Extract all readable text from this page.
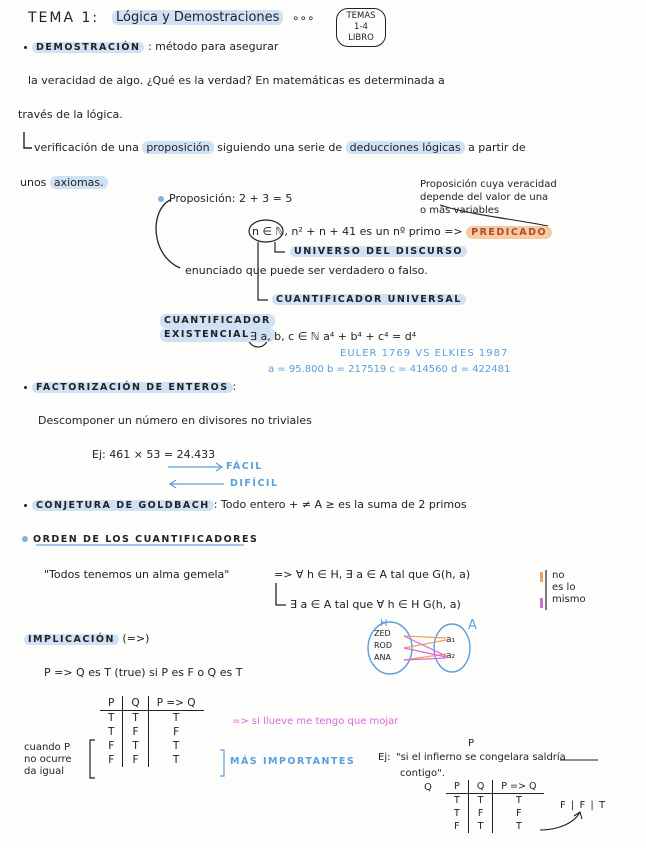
TEMA 1:	Lógica y Demostraciones	∘∘∘	TEMAS
1-4
LIBRO
DEMOSTRACIÓN : método para asegurar
la veracidad de algo. ¿Qué es la verdad? En matemáticas es determinada a
través de la lógica.
verificación de una proposición siguiendo una serie de deducciones lógicas a partir de
unos axiomas.
Proposición: 2 + 3 = 5
Proposición cuya veracidad
depende del valor de una
o más variables
n ∈ ℕ, n² + n + 41 es un nº primo => PREDICADO
UNIVERSO DEL DISCURSO
enunciado que puede ser verdadero o falso.
CUANTIFICADOR UNIVERSAL
CUANTIFICADOR
EXISTENCIAL ∃ a, b, c ∈ ℕ a⁴ + b⁴ + c⁴ = d⁴
EULER 1769 VS ELKIES 1987
a = 95.800 b = 217519 c = 414560 d = 422481
FACTORIZACIÓN DE ENTEROS :
Descomponer un número en divisores no triviales
Ej: 461 × 53 = 24.433
FÁCIL
DIFÍCIL
CONJETURA DE GOLDBACH : Todo entero + ≠ A ≥ es la suma de 2 primos
ORDEN DE LOS CUANTIFICADORES
"Todos tenemos un alma gemela"	=> ∀ h ∈ H, ∃ a ∈ A tal que G(h, a)
∃ a ∈ A tal que ∀ h ∈ H G(h, a)
no
es lo
mismo
IMPLICACIÓN (=>)
P => Q es T (true) si P es F o Q es T
H	A
ZED
ROD
ANA
a₁
a₂
P	Q	P => Q
T	T	T
T	F	F
F	T	T
F	F	T
=> si llueve me tengo que mojar
cuando P
no ocurre
da igual
MÁS IMPORTANTES
P
Ej: "si el infierno se congelara saldría
contigo".
Q P	Q	P => Q
T	T	T
T	F	F
F	T	T
F | F | T
